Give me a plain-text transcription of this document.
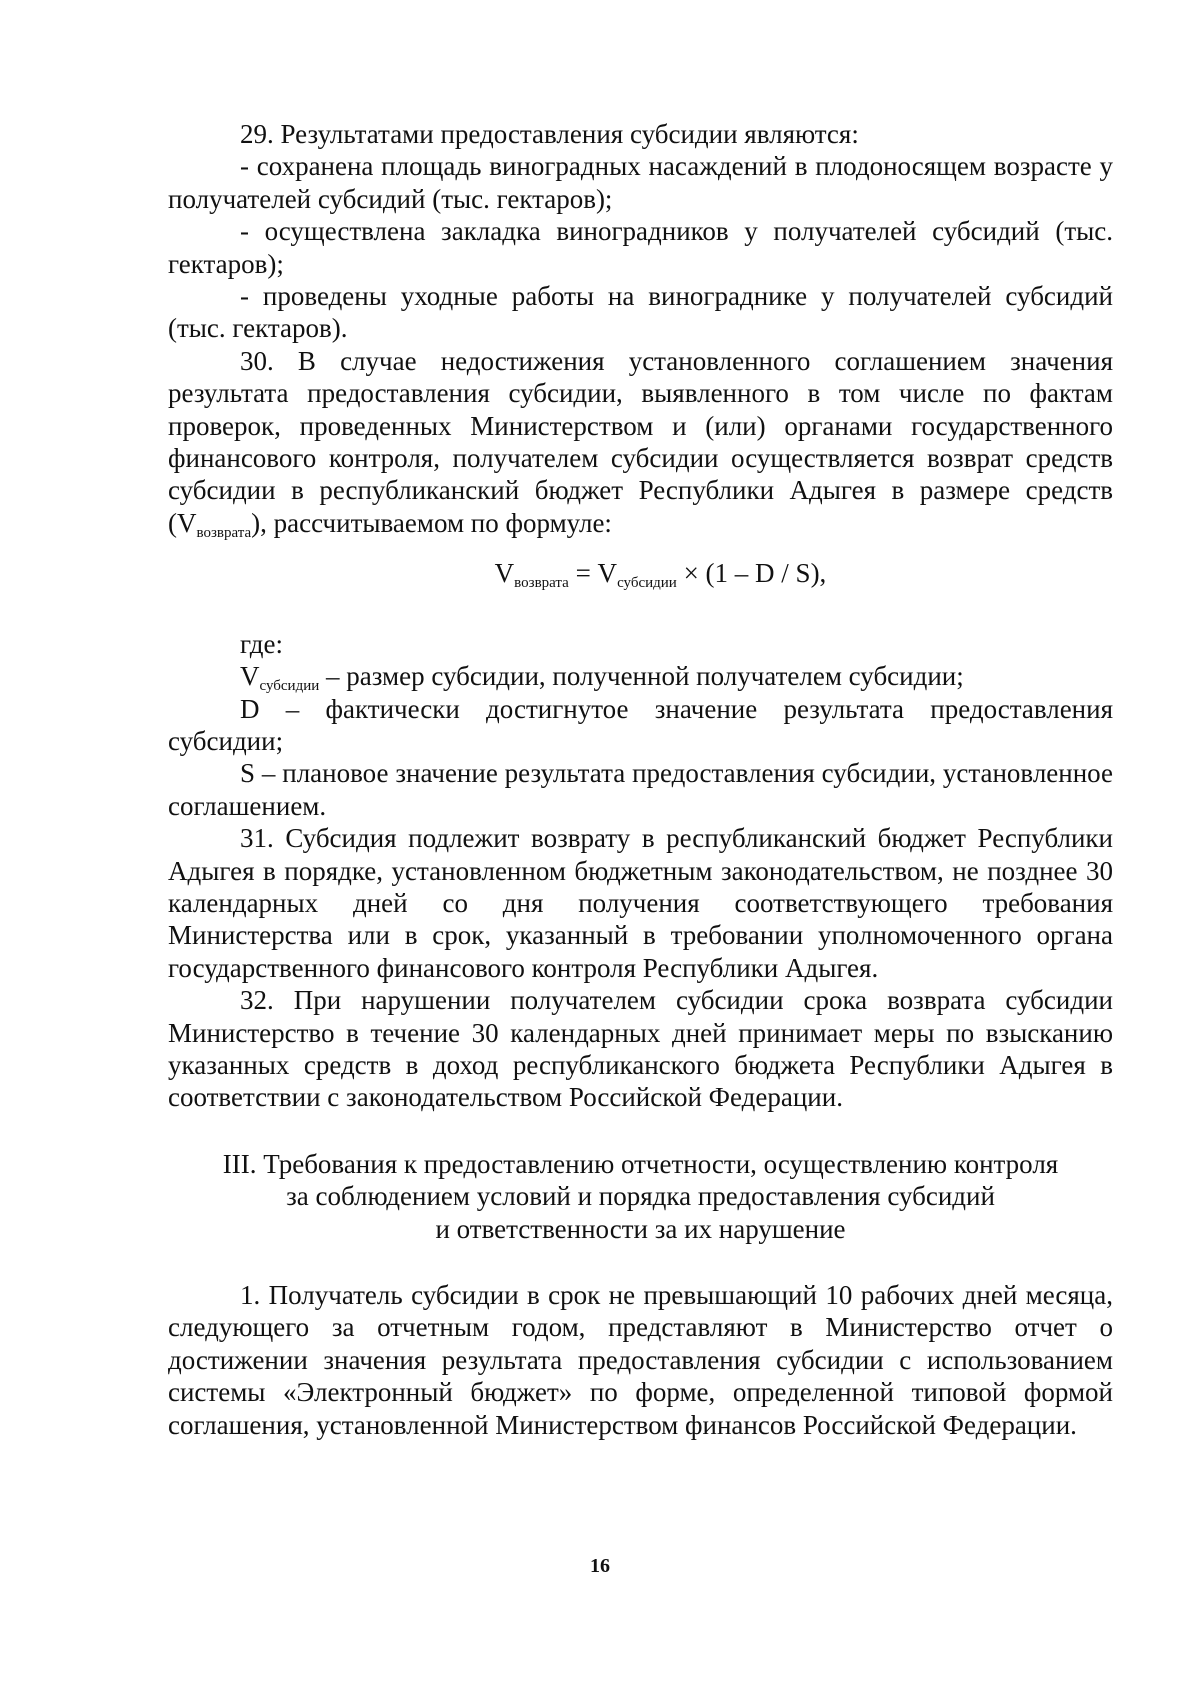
29. Результатами предоставления субсидии являются:

- сохранена площадь виноградных насаждений в плодоносящем возрасте у получателей субсидий (тыс. гектаров);

- осуществлена закладка виноградников у получателей субсидий (тыс. гектаров);

- проведены уходные работы на винограднике у получателей субсидий (тыс. гектаров).

30. В случае недостижения установленного соглашением значения результата предоставления субсидии, выявленного в том числе по фактам проверок, проведенных Министерством и (или) органами государственного финансового контроля, получателем субсидии осуществляется возврат средств субсидии в республиканский бюджет Республики Адыгея в размере средств $(V_{возврата})$, рассчитываемом по формуле:

$V_{возврата} = V_{субсидии} \times (1 - D / S)$,

где:

$V_{субсидии}$ – размер субсидии, полученной получателем субсидии;

D – фактически достигнутое значение результата предоставления субсидии;

S – плановое значение результата предоставления субсидии, установленное соглашением.

31. Субсидия подлежит возврату в республиканский бюджет Республики Адыгея в порядке, установленном бюджетным законодательством, не позднее 30 календарных дней со дня получения соответствующего требования Министерства или в срок, указанный в требовании уполномоченного органа государственного финансового контроля Республики Адыгея.

32. При нарушении получателем субсидии срока возврата субсидии Министерство в течение 30 календарных дней принимает меры по взысканию указанных средств в доход республиканского бюджета Республики Адыгея в соответствии с законодательством Российской Федерации.

III. Требования к предоставлению отчетности, осуществлению контроля
за соблюдением условий и порядка предоставления субсидий
и ответственности за их нарушение

1. Получатель субсидии в срок не превышающий 10 рабочих дней месяца, следующего за отчетным годом, представляют в Министерство отчет о достижении значения результата предоставления субсидии с использованием системы «Электронный бюджет» по форме, определенной типовой формой соглашения, установленной Министерством финансов Российской Федерации.

16
